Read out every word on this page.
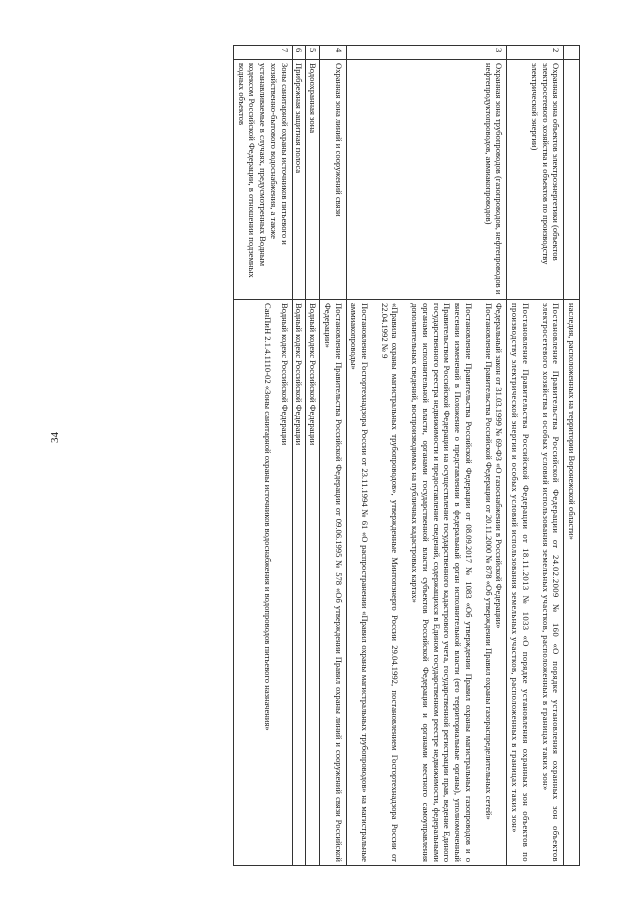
34

		наследия, расположенных на территории Воронежской области»

2	Охранная зона объектов электроэнергетики (объектов электросетевого хозяйства и объектов по производству электрической энергии)	Постановление Правительства Российской Федерации от 24.02.2009 № 160 «О порядке установления охранных зон объектов электросетевого хозяйства и особых условий использования земельных участков, расположенных в границах таких зон»

Постановление Правительства Российской Федерации от 18.11.2013 № 1033 «О порядке установления охранных зон объектов по производству электрической энергии и особых условий использования земельных участков, расположенных в границах таких зон»

3	Охранная зона трубопроводов (газопроводов, нефтепроводов и нефтепродуктопроводов, аммиакопроводов)	Федеральный закон от 31.03.1999 № 69-ФЗ «О газоснабжении в Российской Федерации»
Постановление Правительства Российской Федерации от 20.11.2000 № 878 «Об утверждении Правил охраны газораспределительных сетей»

Постановление Правительства Российской Федерации от 08.09.2017 № 1083 «Об утверждении Правил охраны магистральных газопроводов и о внесении изменений в Положение о представлении в федеральный орган исполнительной власти (его территориальные органы), уполномоченный Правительством Российской Федерации на осуществление государственного кадастрового учета, государственной регистрации прав, ведение Единого государственного реестра недвижимости и предоставление сведений, содержащихся в Едином государственном реестре недвижимости, федеральными органами исполнительной власти, органами государственной власти субъектов Российской Федерации и органами местного самоуправления дополнительных сведений, воспроизводимых на публичных кадастровых картах»

«Правила охраны магистральных трубопроводов», утвержденные Минтопэнерго России 29.04.1992, постановлением Госгортехнадзора России от 22.04.1992 № 9

Постановление Госгортехнадзора России от 23.11.1994 № 61 «О распространении «Правил охраны магистральных трубопроводов» на магистральные аммиакопроводы»

4	Охранная зона линий и сооружений связи	Постановление Правительства Российской Федерации от 09.06.1995 № 578 «Об утверждении Правил охраны линий и сооружений связи Российской Федерации»

5	Водоохранная зона	Водный кодекс Российской Федерации

6	Прибрежная защитная полоса	Водный кодекс Российской Федерации

7	Зоны санитарной охраны источников питьевого и хозяйственно-бытового водоснабжения, а также устанавливаемые в случаях, предусмотренных Водным кодексом Российской Федерации, в отношении подземных водных объектов	Водный кодекс Российской Федерации

СанПиН 2.1.4.1110-02 «Зоны санитарной охраны источников водоснабжения и водопроводов питьевого назначения»
